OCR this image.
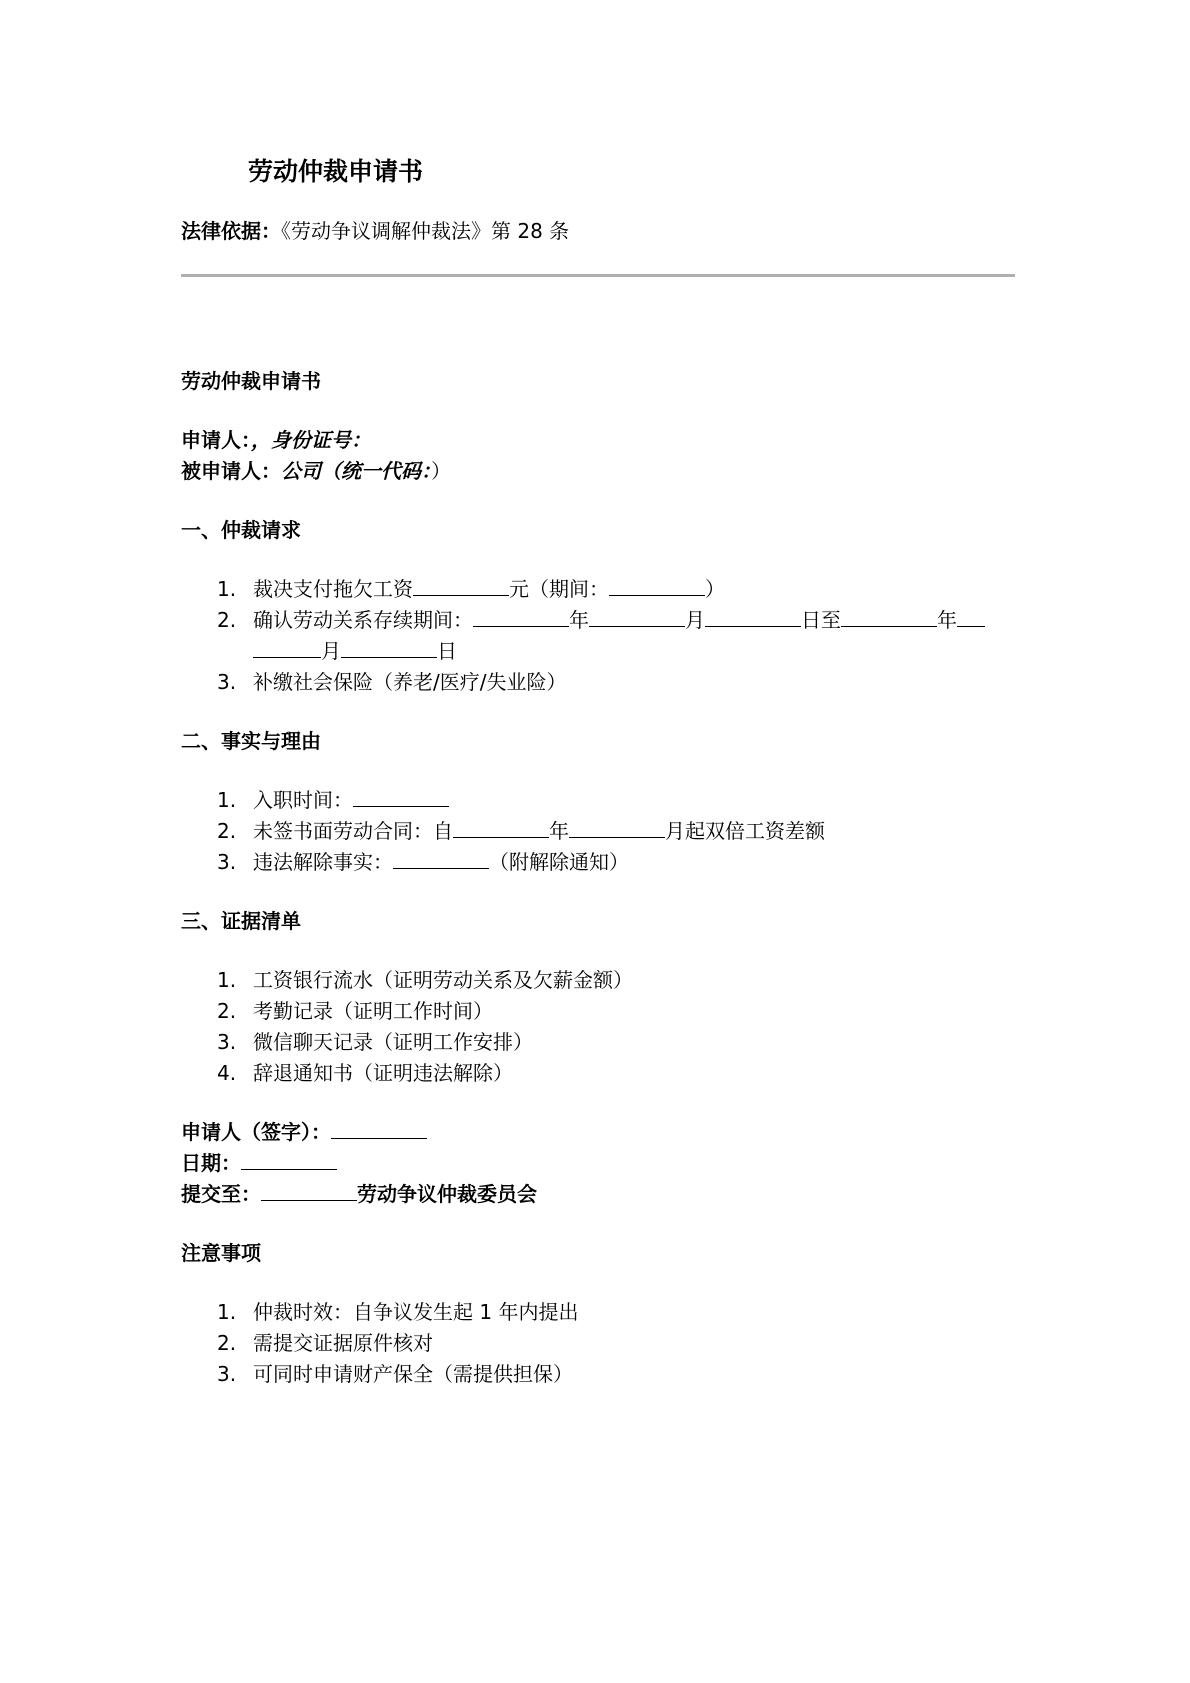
劳动仲裁申请书
法律依据：《劳动争议调解仲裁法》第 28 条

劳动仲裁申请书

申请人：，身份证号：

被申请人：公司（统一代码：）

一、仲裁请求

1. 裁决支付拖欠工资	元（期间：	）
2. 确认劳动关系存续期间：	年	月	日至	年
月	日
3. 补缴社会保险（养老/医疗/失业险）

二、事实与理由

1. 入职时间：
2. 未签书面劳动合同：自	年	月起双倍工资差额
3. 违法解除事实：	（附解除通知）

三、证据清单

1. 工资银行流水（证明劳动关系及欠薪金额）
2. 考勤记录（证明工作时间）
3. 微信聊天记录（证明工作安排）
4. 辞退通知书（证明违法解除）

申请人（签字）：

日期：

提交至：	劳动争议仲裁委员会

注意事项

1. 仲裁时效：自争议发生起 1 年内提出
2. 需提交证据原件核对
3. 可同时申请财产保全（需提供担保）
